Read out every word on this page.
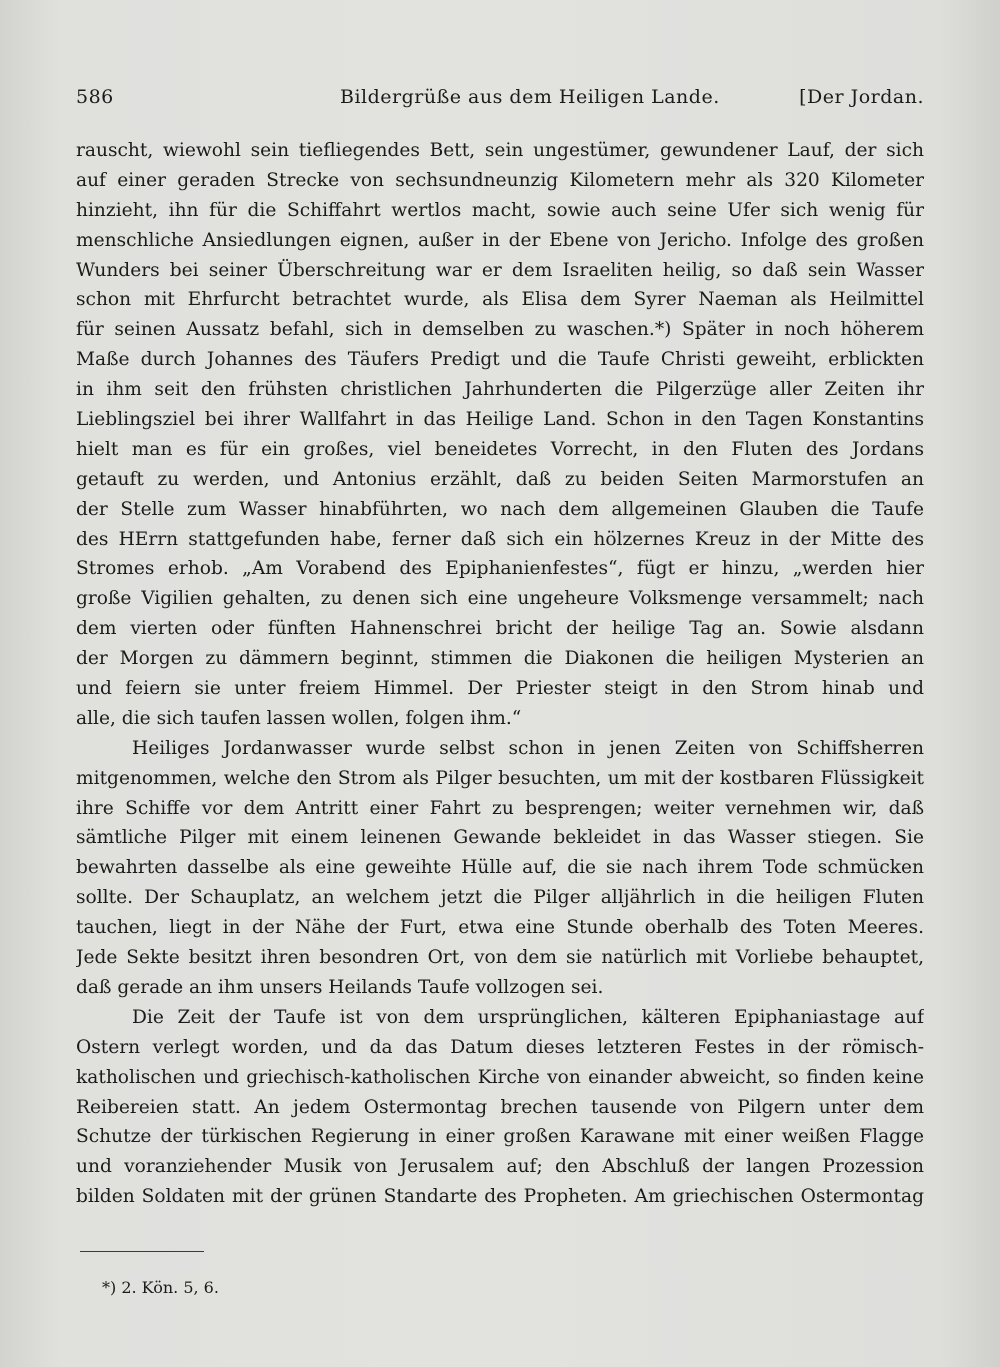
586	Bildergrüße aus dem Heiligen Lande.	[Der Jordan.
rauscht, wiewohl sein tiefliegendes Bett, sein ungestümer, gewundener Lauf, der sich
auf einer geraden Strecke von sechsundneunzig Kilometern mehr als 320 Kilometer
hinzieht, ihn für die Schiffahrt wertlos macht, sowie auch seine Ufer sich wenig für
menschliche Ansiedlungen eignen, außer in der Ebene von Jericho. Infolge des großen
Wunders bei seiner Überschreitung war er dem Israeliten heilig, so daß sein Wasser
schon mit Ehrfurcht betrachtet wurde, als Elisa dem Syrer Naeman als Heilmittel
für seinen Aussatz befahl, sich in demselben zu waschen.*) Später in noch höherem
Maße durch Johannes des Täufers Predigt und die Taufe Christi geweiht, erblickten
in ihm seit den frühsten christlichen Jahrhunderten die Pilgerzüge aller Zeiten ihr
Lieblingsziel bei ihrer Wallfahrt in das Heilige Land. Schon in den Tagen Konstantins
hielt man es für ein großes, viel beneidetes Vorrecht, in den Fluten des Jordans
getauft zu werden, und Antonius erzählt, daß zu beiden Seiten Marmorstufen an
der Stelle zum Wasser hinabführten, wo nach dem allgemeinen Glauben die Taufe
des HErrn stattgefunden habe, ferner daß sich ein hölzernes Kreuz in der Mitte des
Stromes erhob. „Am Vorabend des Epiphanienfestes“, fügt er hinzu, „werden hier
große Vigilien gehalten, zu denen sich eine ungeheure Volksmenge versammelt; nach
dem vierten oder fünften Hahnenschrei bricht der heilige Tag an. Sowie alsdann
der Morgen zu dämmern beginnt, stimmen die Diakonen die heiligen Mysterien an
und feiern sie unter freiem Himmel. Der Priester steigt in den Strom hinab und
alle, die sich taufen lassen wollen, folgen ihm.“
Heiliges Jordanwasser wurde selbst schon in jenen Zeiten von Schiffsherren
mitgenommen, welche den Strom als Pilger besuchten, um mit der kostbaren Flüssigkeit
ihre Schiffe vor dem Antritt einer Fahrt zu besprengen; weiter vernehmen wir, daß
sämtliche Pilger mit einem leinenen Gewande bekleidet in das Wasser stiegen. Sie
bewahrten dasselbe als eine geweihte Hülle auf, die sie nach ihrem Tode schmücken
sollte. Der Schauplatz, an welchem jetzt die Pilger alljährlich in die heiligen Fluten
tauchen, liegt in der Nähe der Furt, etwa eine Stunde oberhalb des Toten Meeres.
Jede Sekte besitzt ihren besondren Ort, von dem sie natürlich mit Vorliebe behauptet,
daß gerade an ihm unsers Heilands Taufe vollzogen sei.
Die Zeit der Taufe ist von dem ursprünglichen, kälteren Epiphaniastage auf
Ostern verlegt worden, und da das Datum dieses letzteren Festes in der römisch-
katholischen und griechisch-katholischen Kirche von einander abweicht, so finden keine
Reibereien statt. An jedem Ostermontag brechen tausende von Pilgern unter dem
Schutze der türkischen Regierung in einer großen Karawane mit einer weißen Flagge
und voranziehender Musik von Jerusalem auf; den Abschluß der langen Prozession
bilden Soldaten mit der grünen Standarte des Propheten. Am griechischen Ostermontag
*) 2. Kön. 5, 6.
